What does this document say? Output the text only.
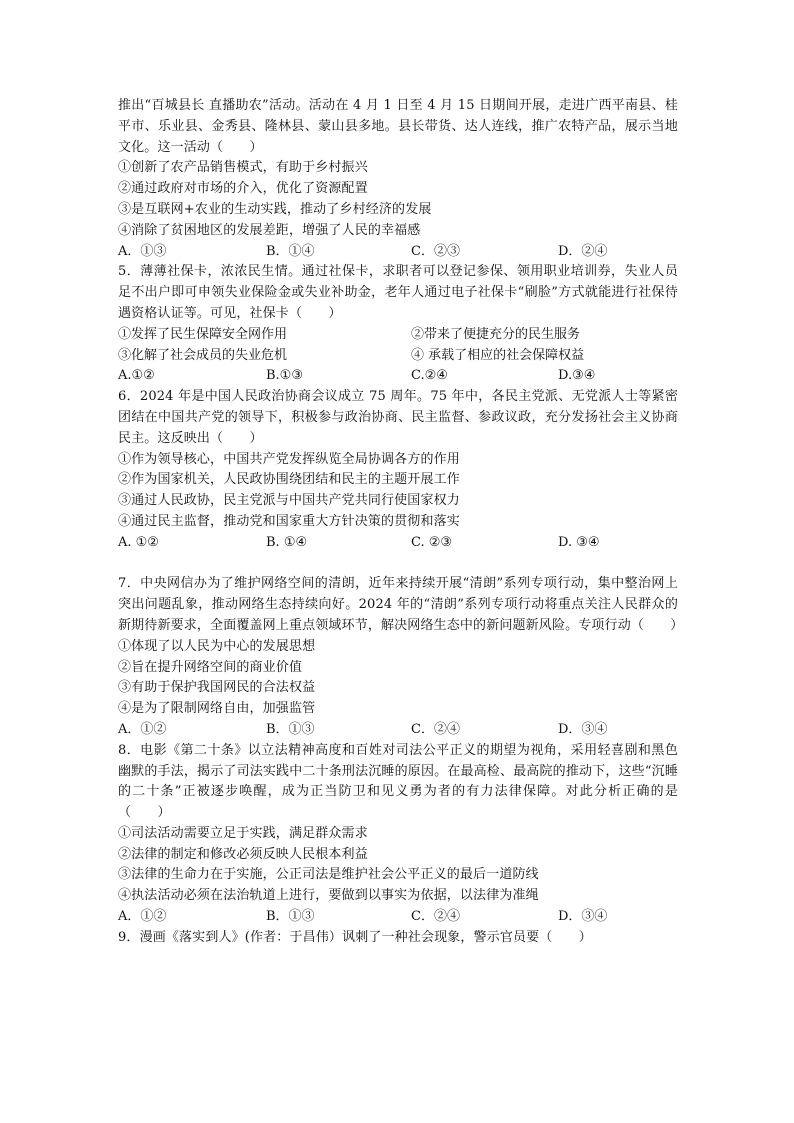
推出“百城县长 直播助农”活动。活动在 4 月 1 日至 4 月 15 日期间开展，走进广西平南县、桂平市、乐业县、金秀县、隆林县、蒙山县多地。县长带货、达人连线，推广农特产品，展示当地文化。这一活动（　　）
①创新了农产品销售模式，有助于乡村振兴
②通过政府对市场的介入，优化了资源配置
③是互联网+农业的生动实践，推动了乡村经济的发展
④消除了贫困地区的发展差距，增强了人民的幸福感
A．①③	B．①④	C．②③	D．②④
5．薄薄社保卡，浓浓民生情。通过社保卡，求职者可以登记参保、领用职业培训券，失业人员足不出户即可申领失业保险金或失业补助金，老年人通过电子社保卡“刷脸”方式就能进行社保待遇资格认证等。可见，社保卡（　　）
①发挥了民生保障安全网作用	②带来了便捷充分的民生服务
③化解了社会成员的失业危机	④ 承载了相应的社会保障权益
A.①②	B.①③	C.②④	D.③④
6．2024 年是中国人民政治协商会议成立 75 周年。75 年中，各民主党派、无党派人士等紧密团结在中国共产党的领导下，积极参与政治协商、民主监督、参政议政，充分发扬社会主义协商民主。这反映出（　　）
①作为领导核心，中国共产党发挥纵览全局协调各方的作用
②作为国家机关，人民政协围绕团结和民主的主题开展工作
③通过人民政协，民主党派与中国共产党共同行使国家权力
④通过民主监督，推动党和国家重大方针决策的贯彻和落实
A. ①②	B. ①④	C. ②③	D. ③④
7．中央网信办为了维护网络空间的清朗，近年来持续开展“清朗”系列专项行动，集中整治网上突出问题乱象，推动网络生态持续向好。2024 年的“清朗”系列专项行动将重点关注人民群众的新期待新要求，全面覆盖网上重点领域环节，解决网络生态中的新问题新风险。专项行动（　　）
①体现了以人民为中心的发展思想
②旨在提升网络空间的商业价值
③有助于保护我国网民的合法权益
④是为了限制网络自由，加强监管
A．①②	B．①③	C．②④	D．③④
8．电影《第二十条》以立法精神高度和百姓对司法公平正义的期望为视角，采用轻喜剧和黑色幽默的手法，揭示了司法实践中二十条刑法沉睡的原因。在最高检、最高院的推动下，这些“沉睡的二十条”正被逐步唤醒，成为正当防卫和见义勇为者的有力法律保障。对此分析正确的是（　　）
①司法活动需要立足于实践，满足群众需求
②法律的制定和修改必须反映人民根本利益
③法律的生命力在于实施，公正司法是维护社会公平正义的最后一道防线
④执法活动必须在法治轨道上进行，要做到以事实为依据，以法律为准绳
A．①②	B．①③	C．②④	D．③④
9．漫画《落实到人》(作者：于昌伟）讽刺了一种社会现象，警示官员要（　　）
